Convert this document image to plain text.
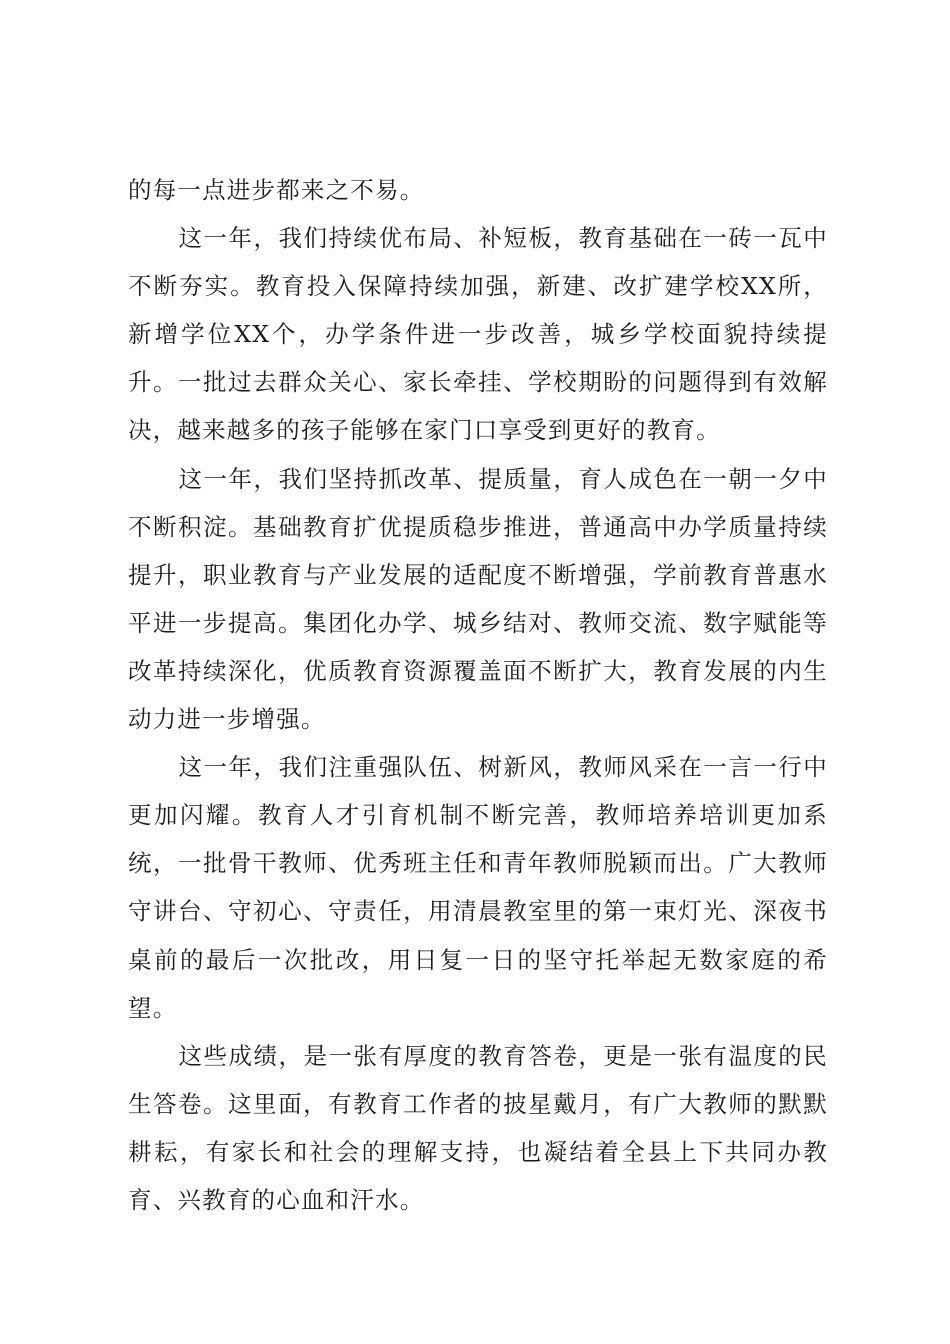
的每一点进步都来之不易。

这一年，我们持续优布局、补短板，教育基础在一砖一瓦中不断夯实。教育投入保障持续加强，新建、改扩建学校XX所，新增学位XX个，办学条件进一步改善，城乡学校面貌持续提升。一批过去群众关心、家长牵挂、学校期盼的问题得到有效解决，越来越多的孩子能够在家门口享受到更好的教育。

这一年，我们坚持抓改革、提质量，育人成色在一朝一夕中不断积淀。基础教育扩优提质稳步推进，普通高中办学质量持续提升，职业教育与产业发展的适配度不断增强，学前教育普惠水平进一步提高。集团化办学、城乡结对、教师交流、数字赋能等改革持续深化，优质教育资源覆盖面不断扩大，教育发展的内生动力进一步增强。

这一年，我们注重强队伍、树新风，教师风采在一言一行中更加闪耀。教育人才引育机制不断完善，教师培养培训更加系统，一批骨干教师、优秀班主任和青年教师脱颖而出。广大教师守讲台、守初心、守责任，用清晨教室里的第一束灯光、深夜书桌前的最后一次批改，用日复一日的坚守托举起无数家庭的希望。

这些成绩，是一张有厚度的教育答卷，更是一张有温度的民生答卷。这里面，有教育工作者的披星戴月，有广大教师的默默耕耘，有家长和社会的理解支持，也凝结着全县上下共同办教育、兴教育的心血和汗水。
